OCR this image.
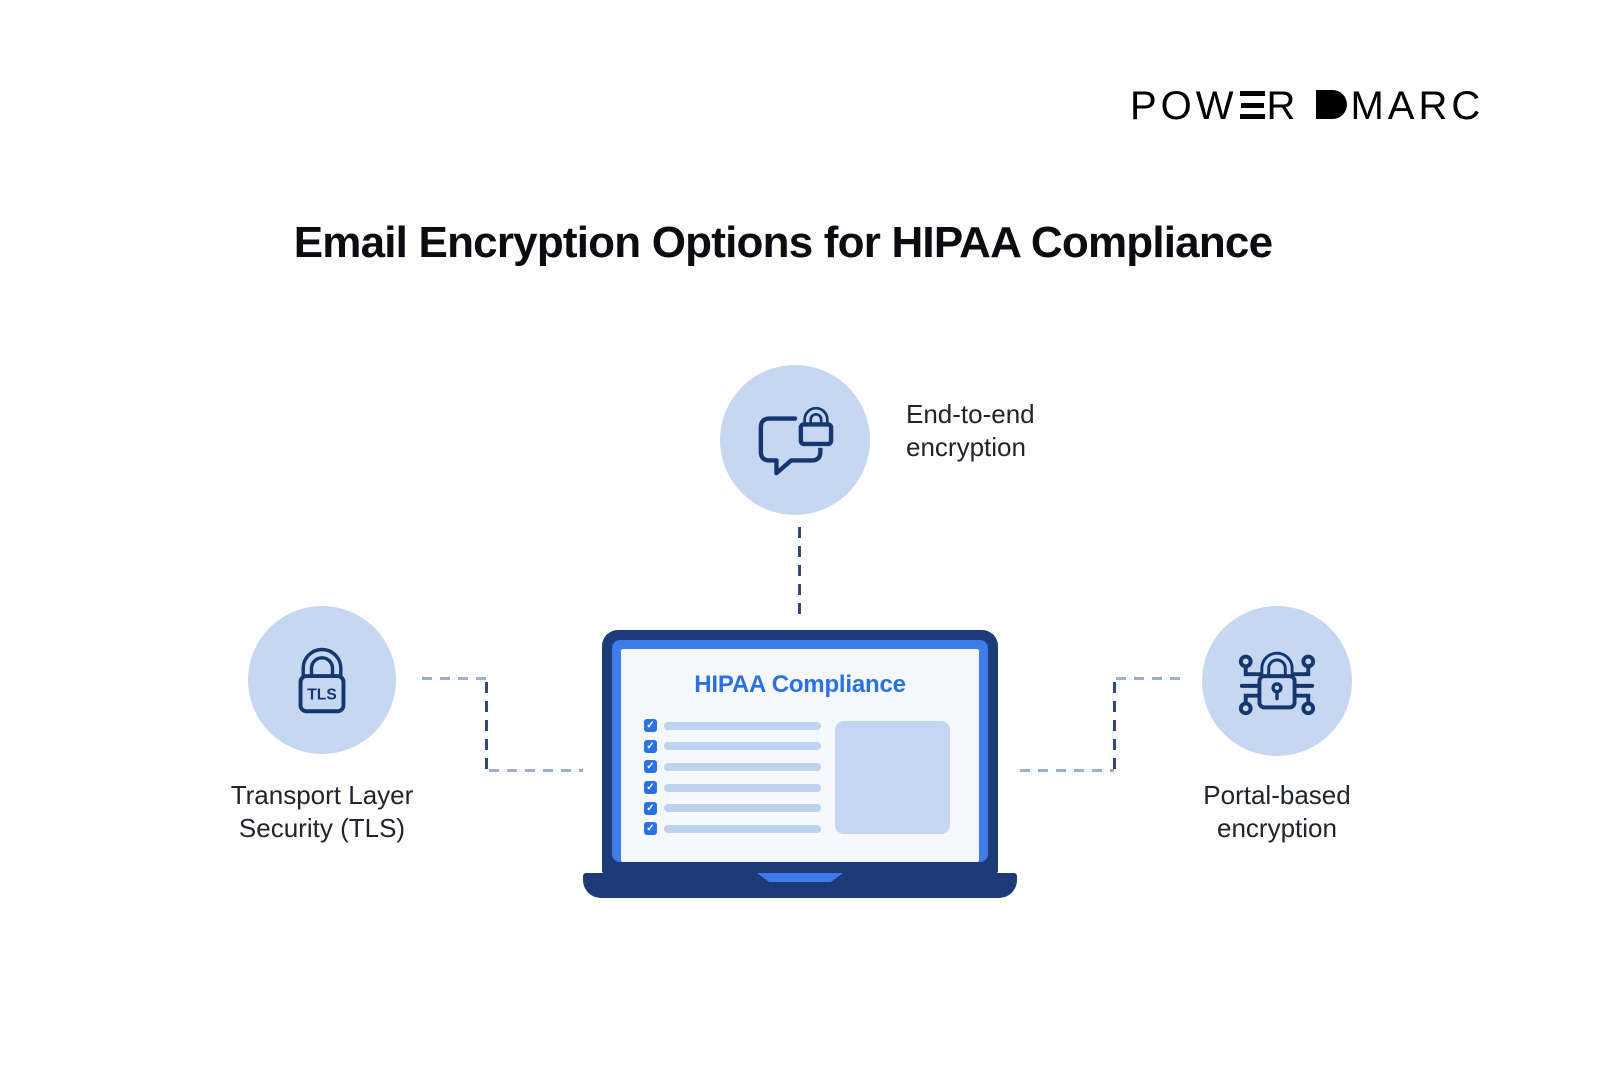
POW R MARC
Email Encryption Options for HIPAA Compliance
End-to-end
encryption
TLS
Transport Layer
Security (TLS)
Portal-based
encryption
HIPAA Compliance
✓
✓
✓
✓
✓
✓
